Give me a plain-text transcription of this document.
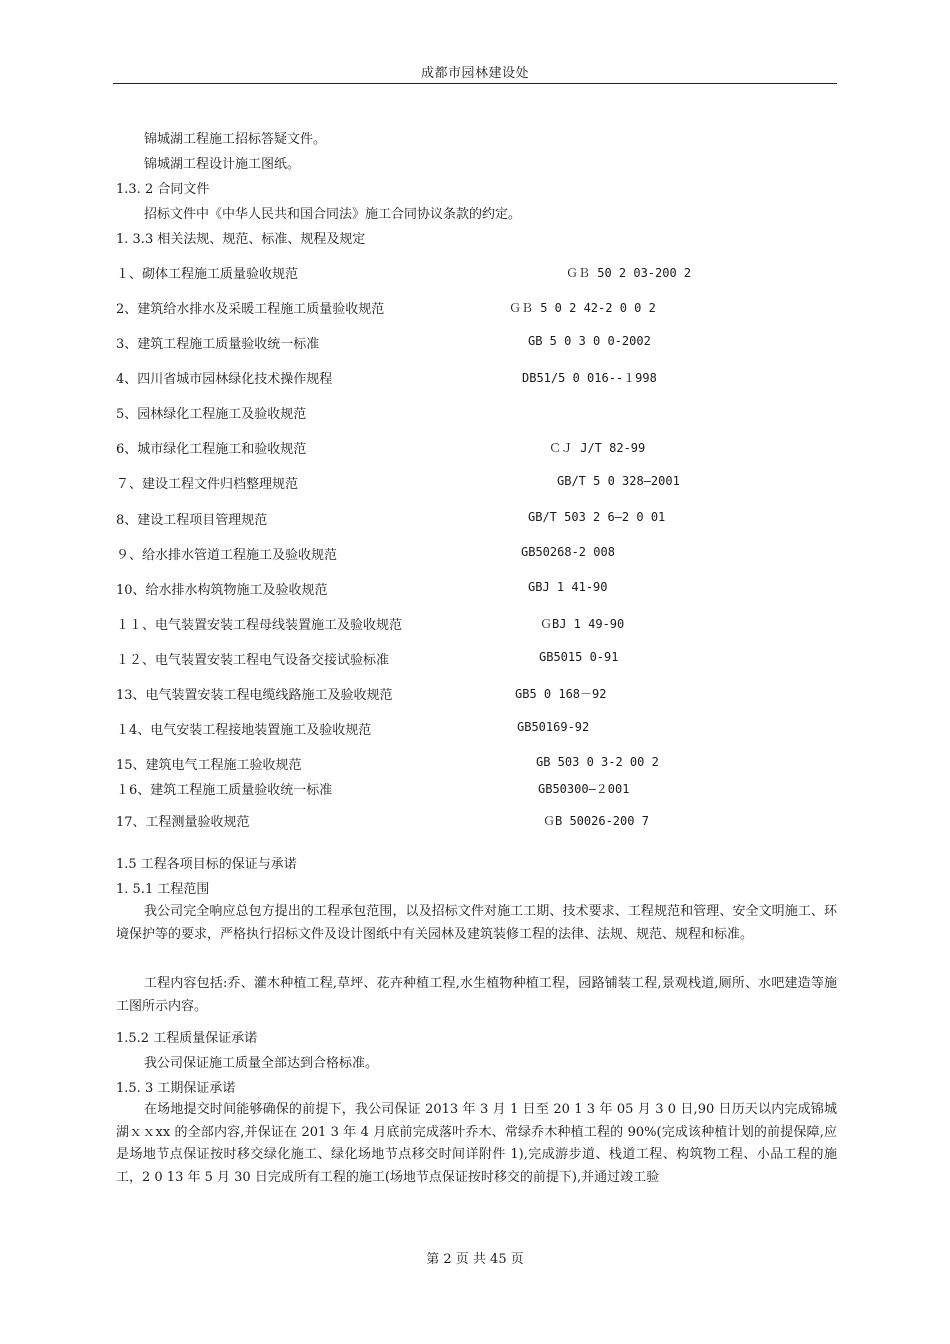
成都市园林建设处
锦城湖工程施工招标答疑文件。
锦城湖工程设计施工图纸。
1.3. 2 合同文件
招标文件中《中华人民共和国合同法》施工合同协议条款的约定。
1. 3.3 相关法规、规范、标准、规程及规定
１、砌体工程施工质量验收规范	ＧＢ 50 2 03-200 2
2、建筑给水排水及采暖工程施工质量验收规范	ＧＢ 5 0 2 42-2 0 0 2
3、建筑工程施工质量验收统一标准	GB 5 0 3 0 0-2002
4、四川省城市园林绿化技术操作规程	DB51/5 0 016--１998
5、园林绿化工程施工及验收规范
6、城市绿化工程施工和验收规范	ＣＪ J/T 82-99
７、建设工程文件归档整理规范	GB/T 5 0 328—2001
8、建设工程项目管理规范	GB/T 503 2 6—2 0 01
９、给水排水管道工程施工及验收规范	GB50268-2 008
10、给水排水构筑物施工及验收规范	GBJ 1 41-90
１１、电气装置安装工程母线装置施工及验收规范	ＧBJ 1 49-90
１２、电气装置安装工程电气设备交接试验标准	GB5015 0-91
13、电气装置安装工程电缆线路施工及验收规范	GB5 0 168－92
１4、电气安装工程接地装置施工及验收规范	GB50169-92
15、建筑电气工程施工验收规范	GB 503 0 3-2 00 2
１6、建筑工程施工质量验收统一标准	GB50300—２001
17、工程测量验收规范	ＧB 50026-200 7
1.5 工程各项目标的保证与承诺
1. 5.1 工程范围
我公司完全响应总包方提出的工程承包范围，以及招标文件对施工工期、技术要求、工程规范和管理、安全文明施工、环境保护等的要求，严格执行招标文件及设计图纸中有关园林及建筑装修工程的法律、法规、规范、规程和标准。
工程内容包括:乔、灌木种植工程,草坪、花卉种植工程,水生植物种植工程，园路铺装工程,景观栈道,厕所、水吧建造等施工图所示内容。
1.5.2 工程质量保证承诺
我公司保证施工质量全部达到合格标准。
1.5. 3 工期保证承诺
在场地提交时间能够确保的前提下，我公司保证 2013 年 3 月 1 日至 20 1 3 年 05 月 3 0 日,90 日历天以内完成锦城湖ｘｘxx 的全部内容,并保证在 201 3 年 4 月底前完成落叶乔木、常绿乔木种植工程的 90%(完成该种植计划的前提保障,应是场地节点保证按时移交绿化施工、绿化场地节点移交时间详附件 1),完成游步道、栈道工程、构筑物工程、小品工程的施工，2 0 13 年 5 月 30 日完成所有工程的施工(场地节点保证按时移交的前提下),并通过竣工验
第 2 页 共 45 页
